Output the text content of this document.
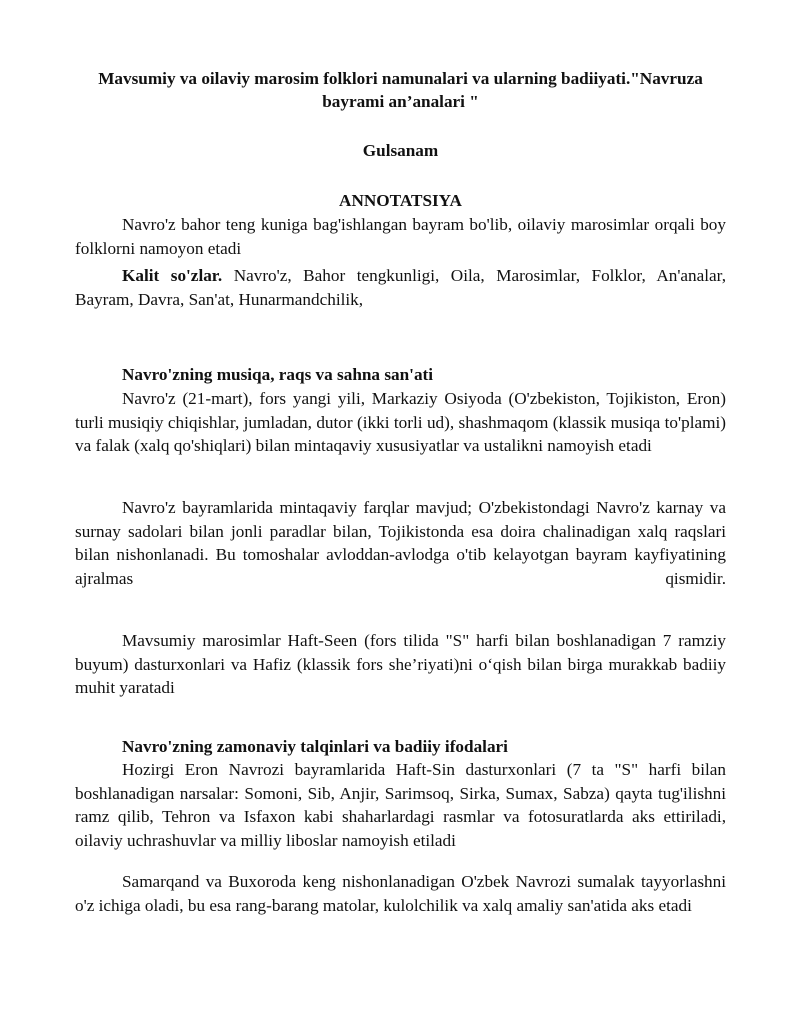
Mavsumiy va oilaviy marosim folklori namunalari va ularning badiiyati."Navruza
bayrami an’analari "
Gulsanam
ANNOTATSIYA
Navro'z bahor teng kuniga bag'ishlangan bayram bo'lib, oilaviy marosimlar orqali boy folklorni namoyon etadi
Kalit so'zlar. Navro'z, Bahor tengkunligi, Oila, Marosimlar, Folklor, An'analar, Bayram, Davra, San'at, Hunarmandchilik,
Navro'zning musiqa, raqs va sahna san'ati
Navro'z (21-mart), fors yangi yili, Markaziy Osiyoda (O'zbekiston, Tojikiston, Eron) turli musiqiy chiqishlar, jumladan, dutor (ikki torli ud), shashmaqom (klassik musiqa to'plami) va falak (xalq qo'shiqlari) bilan mintaqaviy xususiyatlar va ustalikni namoyish etadi
Navro'z bayramlarida mintaqaviy farqlar mavjud; O'zbekistondagi Navro'z karnay va surnay sadolari bilan jonli paradlar bilan, Tojikistonda esa doira chalinadigan xalq raqslari bilan nishonlanadi. Bu tomoshalar avloddan-avlodga o'tib kelayotgan bayram kayfiyatining ajralmas qismidir.
Mavsumiy marosimlar Haft-Seen (fors tilida "S" harfi bilan boshlanadigan 7 ramziy buyum) dasturxonlari va Hafiz (klassik fors she’riyati)ni o‘qish bilan birga murakkab badiiy muhit yaratadi
Navro'zning zamonaviy talqinlari va badiiy ifodalari
Hozirgi Eron Navrozi bayramlarida Haft-Sin dasturxonlari (7 ta "S" harfi bilan boshlanadigan narsalar: Somoni, Sib, Anjir, Sarimsoq, Sirka, Sumax, Sabza) qayta tug'ilishni ramz qilib, Tehron va Isfaxon kabi shaharlardagi rasmlar va fotosuratlarda aks ettiriladi, oilaviy uchrashuvlar va milliy liboslar namoyish etiladi
Samarqand va Buxoroda keng nishonlanadigan O'zbek Navrozi sumalak tayyorlashni o'z ichiga oladi, bu esa rang-barang matolar, kulolchilik va xalq amaliy san'atida aks etadi
